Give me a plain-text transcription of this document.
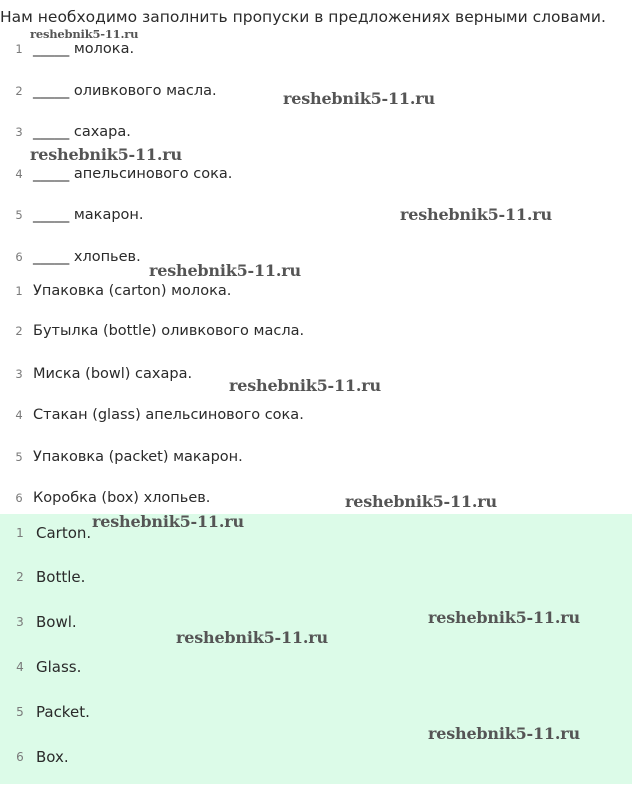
Нам необходимо заполнить пропуски в предложениях верными словами.
1 _____ молока.
2 _____ оливкового масла.
3 _____ сахара.
4 _____ апельсинового сока.
5 _____ макарон.
6 _____ хлопьев.
1 Упаковка (carton) молока.
2 Бутылка (bottle) оливкового масла.
3 Миска (bowl) сахара.
4 Стакан (glass) апельсинового сока.
5 Упаковка (packet) макарон.
6 Коробка (box) хлопьев.
1 Carton.
2 Bottle.
3 Bowl.
4 Glass.
5 Packet.
6 Box.
reshebnik5-11.ru
reshebnik5-11.ru
reshebnik5-11.ru
reshebnik5-11.ru
reshebnik5-11.ru
reshebnik5-11.ru
reshebnik5-11.ru
reshebnik5-11.ru
reshebnik5-11.ru
reshebnik5-11.ru
reshebnik5-11.ru
